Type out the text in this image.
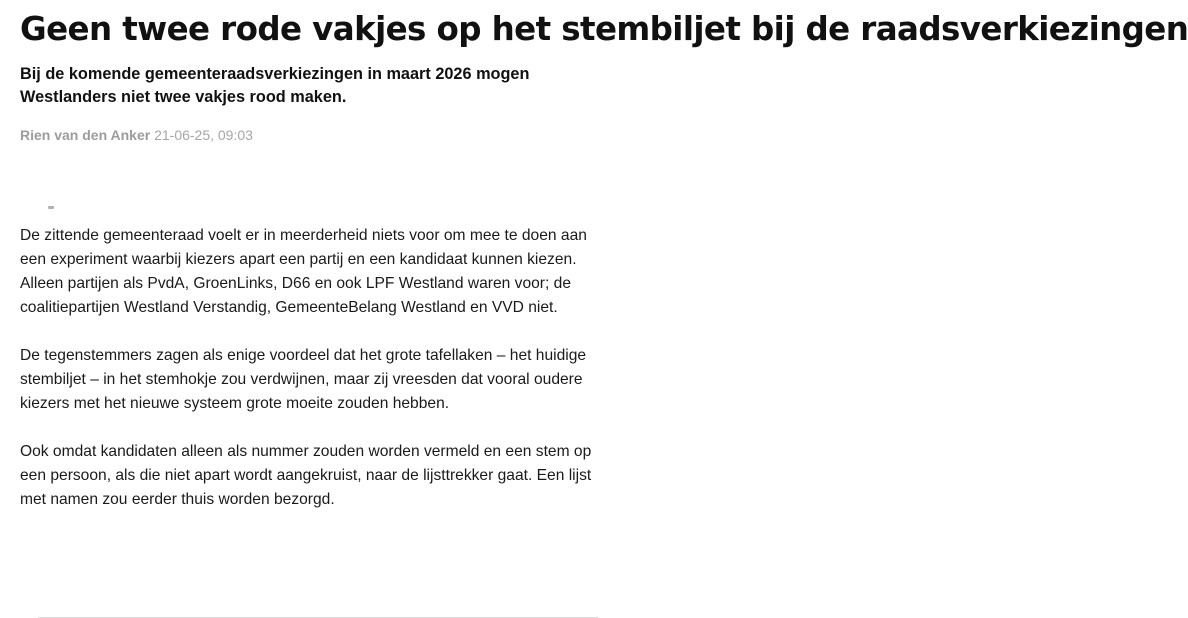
Geen twee rode vakjes op het stembiljet bij de raadsverkiezingen

Bij de komende gemeenteraadsverkiezingen in maart 2026 mogen Westlanders niet twee vakjes rood maken.

Rien van den Anker 21-06-25, 09:03

De zittende gemeenteraad voelt er in meerderheid niets voor om mee te doen aan een experiment waarbij kiezers apart een partij en een kandidaat kunnen kiezen. Alleen partijen als PvdA, GroenLinks, D66 en ook LPF Westland waren voor; de coalitiepartijen Westland Verstandig, GemeenteBelang Westland en VVD niet.

De tegenstemmers zagen als enige voordeel dat het grote tafellaken – het huidige stembiljet – in het stemhokje zou verdwijnen, maar zij vreesden dat vooral oudere kiezers met het nieuwe systeem grote moeite zouden hebben.

Ook omdat kandidaten alleen als nummer zouden worden vermeld en een stem op een persoon, als die niet apart wordt aangekruist, naar de lijsttrekker gaat. Een lijst met namen zou eerder thuis worden bezorgd.
